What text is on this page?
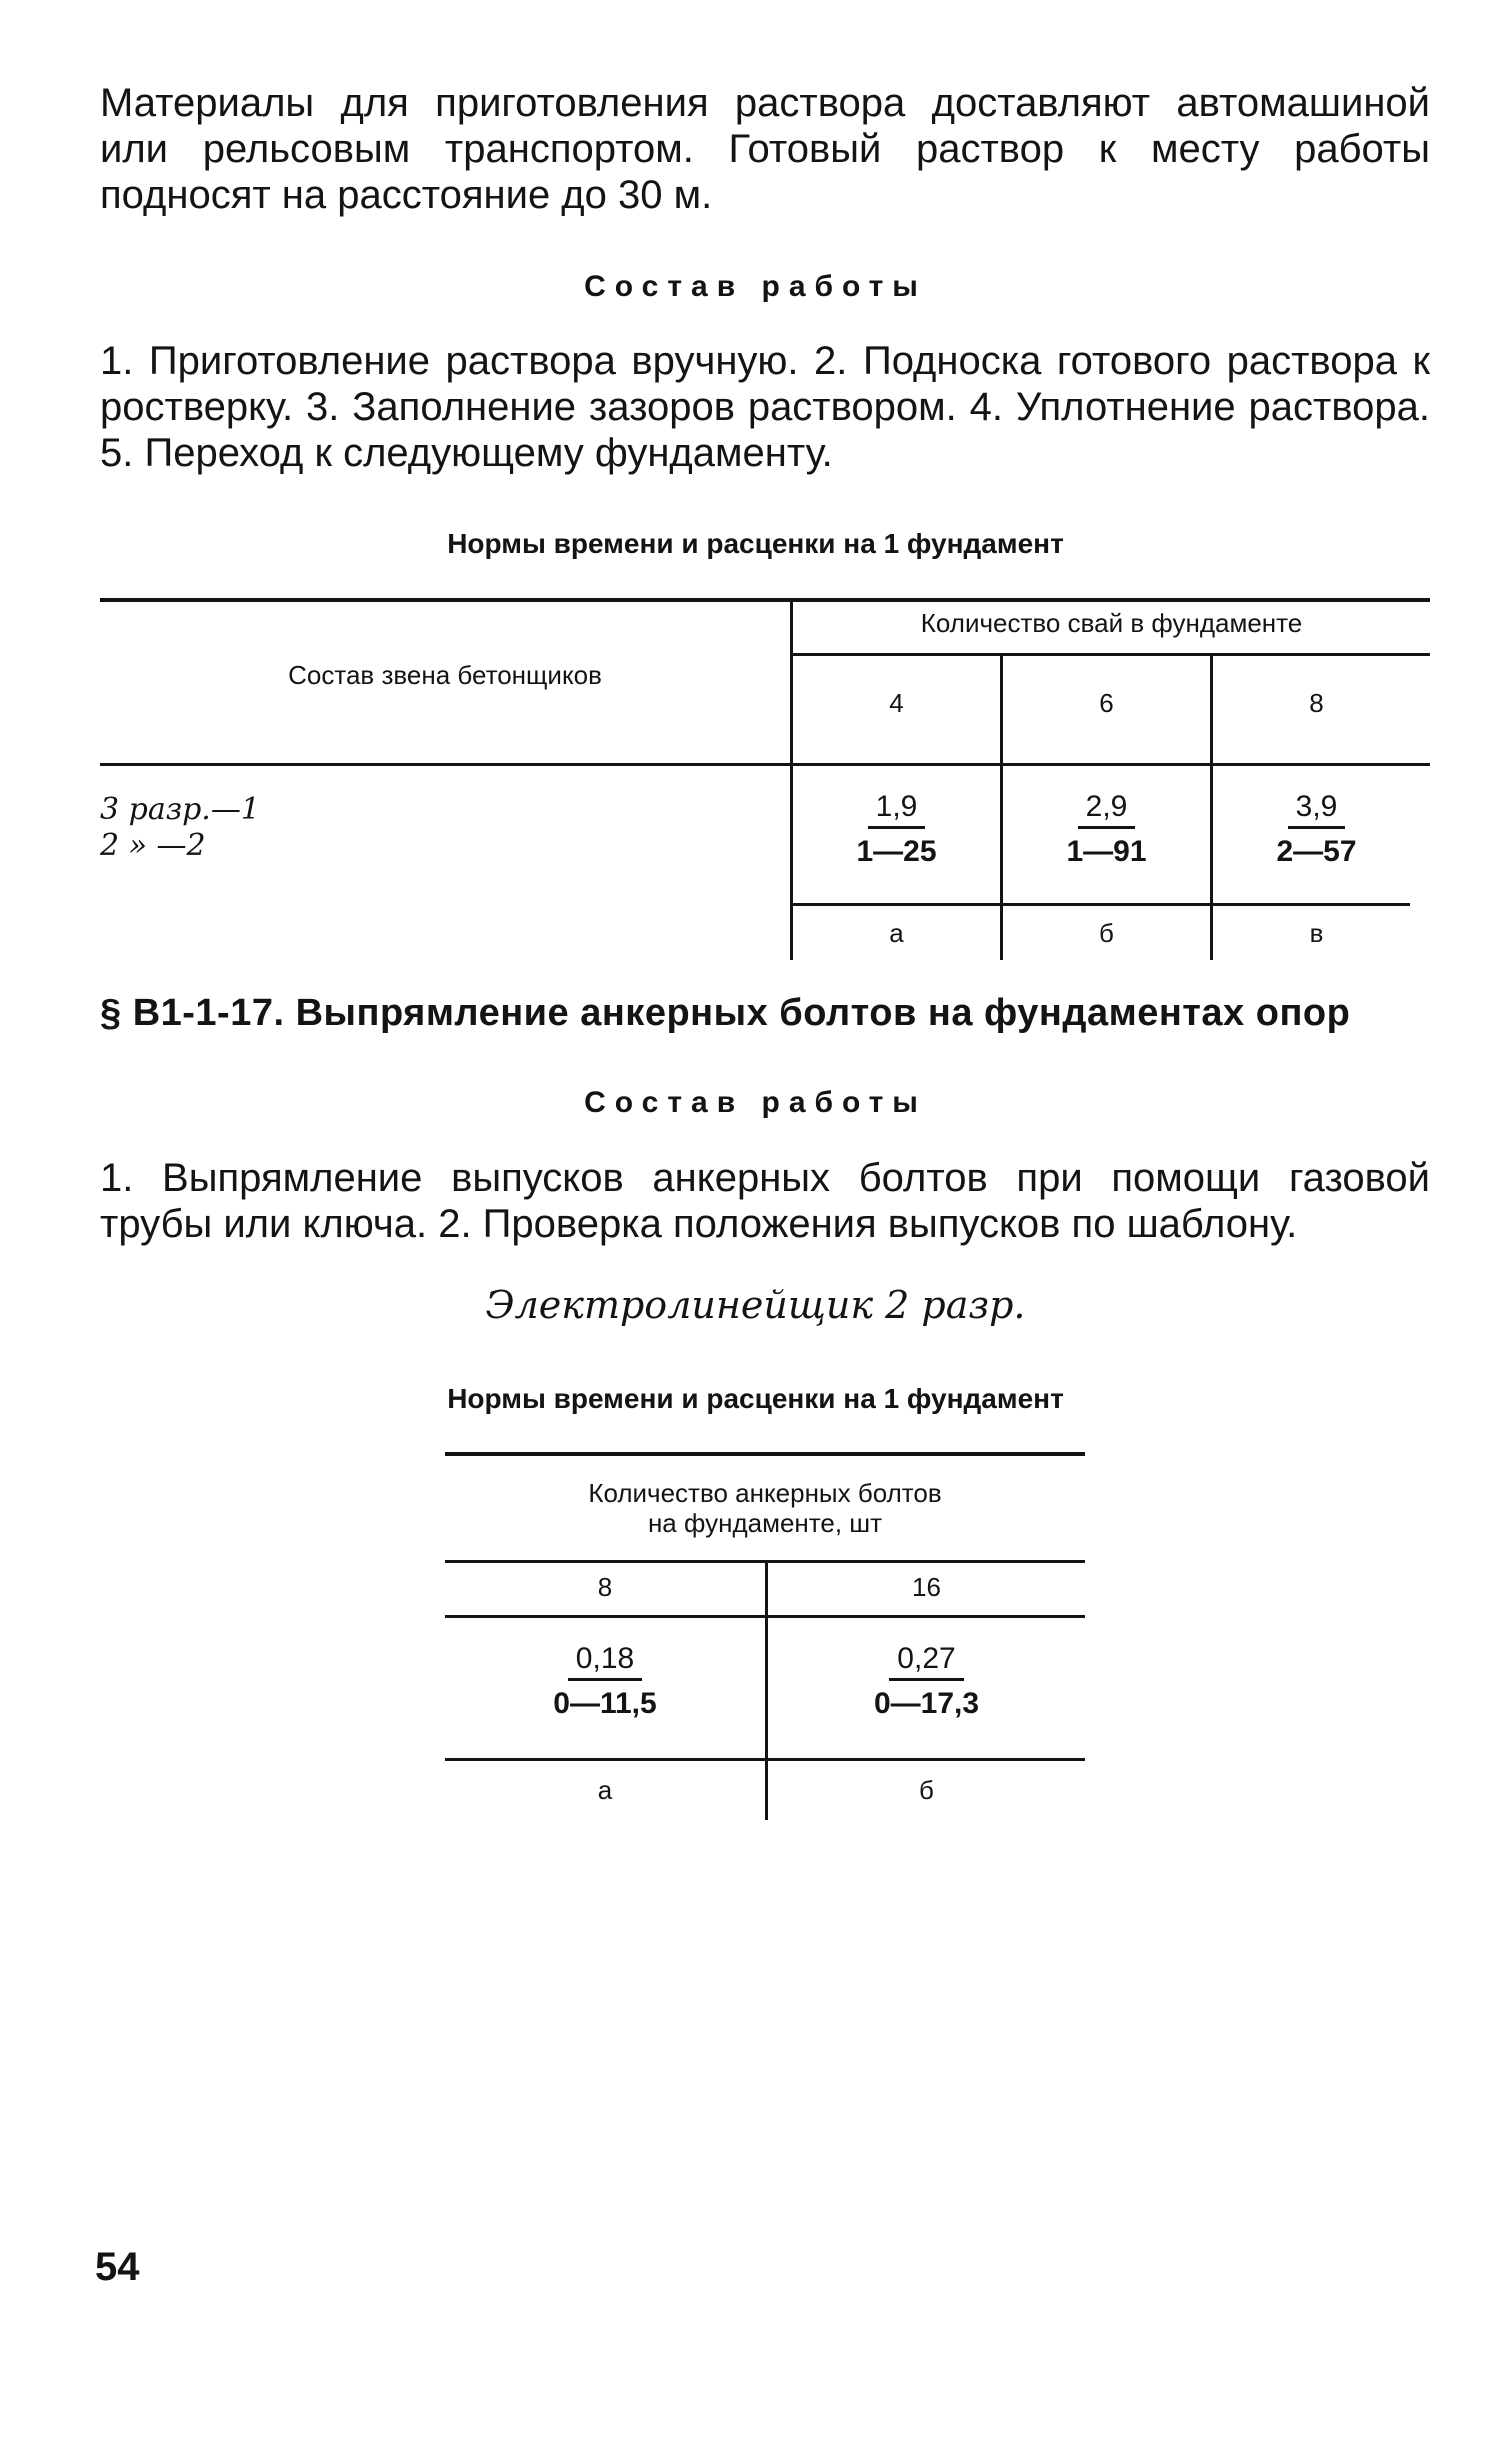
Материалы для приготовления раствора доставляют автомашиной или рельсовым транспортом. Готовый раствор к месту работы подносят на расстояние до 30 м.

Состав работы

1. Приготовление раствора вручную. 2. Подноска готового раствора к ростверку. 3. Заполнение зазоров раствором. 4. Уплотнение раствора. 5. Переход к следующему фундаменту.

Нормы времени и расценки на 1 фундамент

Состав звена бетонщиков
Количество свай в фундаменте
4	6	8
3 разр.—1
2 » —2	$\frac{1,9}{1—25} \frac{2,9}{1—91} \frac{3,9}{2—57}$
а	б	в

§ В1-1-17. Выпрямление анкерных болтов на фундаментах опор

Состав работы

1. Выпрямление выпусков анкерных болтов при помощи газовой трубы или ключа. 2. Проверка положения выпусков по шаблону.

Электролинейщик 2 разр.

Нормы времени и расценки на 1 фундамент

Количество анкерных болтов
на фундаменте, шт
8	16
$\frac{0,18}{0—11,5} \frac{0,27}{0—17,3}$
а	б
54
